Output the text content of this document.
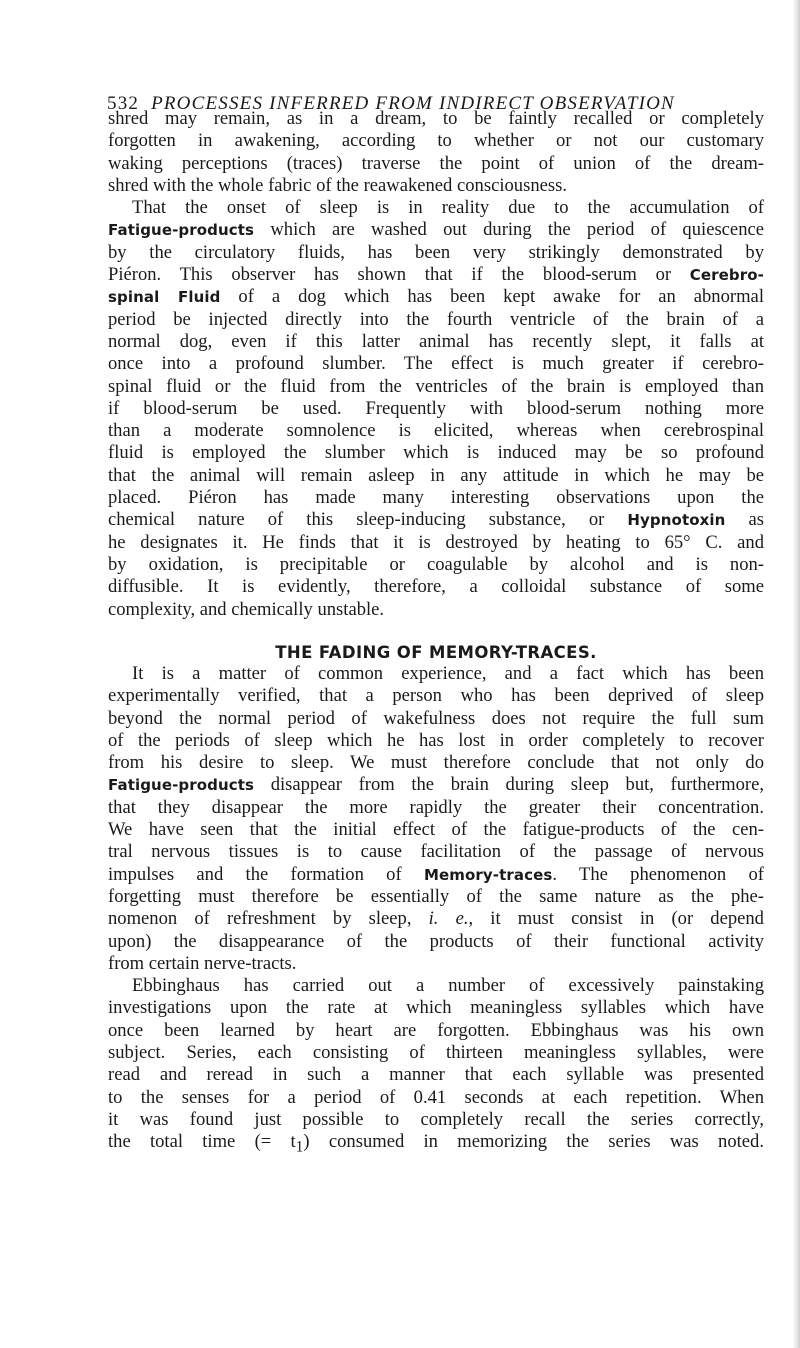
532 PROCESSES INFERRED FROM INDIRECT OBSERVATION
shred may remain, as in a dream, to be faintly recalled or completely
forgotten in awakening, according to whether or not our customary
waking perceptions (traces) traverse the point of union of the dream-
shred with the whole fabric of the reawakened consciousness.
That the onset of sleep is in reality due to the accumulation of
Fatigue-products which are washed out during the period of quiescence
by the circulatory fluids, has been very strikingly demonstrated by
Piéron. This observer has shown that if the blood-serum or Cerebro-
spinal Fluid of a dog which has been kept awake for an abnormal
period be injected directly into the fourth ventricle of the brain of a
normal dog, even if this latter animal has recently slept, it falls at
once into a profound slumber. The effect is much greater if cerebro-
spinal fluid or the fluid from the ventricles of the brain is employed than
if blood-serum be used. Frequently with blood-serum nothing more
than a moderate somnolence is elicited, whereas when cerebrospinal
fluid is employed the slumber which is induced may be so profound
that the animal will remain asleep in any attitude in which he may be
placed. Piéron has made many interesting observations upon the
chemical nature of this sleep-inducing substance, or Hypnotoxin as
he designates it. He finds that it is destroyed by heating to 65° C. and
by oxidation, is precipitable or coagulable by alcohol and is non-
diffusible. It is evidently, therefore, a colloidal substance of some
complexity, and chemically unstable.
THE FADING OF MEMORY-TRACES.
It is a matter of common experience, and a fact which has been
experimentally verified, that a person who has been deprived of sleep
beyond the normal period of wakefulness does not require the full sum
of the periods of sleep which he has lost in order completely to recover
from his desire to sleep. We must therefore conclude that not only do
Fatigue-products disappear from the brain during sleep but, furthermore,
that they disappear the more rapidly the greater their concentration.
We have seen that the initial effect of the fatigue-products of the cen-
tral nervous tissues is to cause facilitation of the passage of nervous
impulses and the formation of Memory-traces. The phenomenon of
forgetting must therefore be essentially of the same nature as the phe-
nomenon of refreshment by sleep, i. e., it must consist in (or depend
upon) the disappearance of the products of their functional activity
from certain nerve-tracts.
Ebbinghaus has carried out a number of excessively painstaking
investigations upon the rate at which meaningless syllables which have
once been learned by heart are forgotten. Ebbinghaus was his own
subject. Series, each consisting of thirteen meaningless syllables, were
read and reread in such a manner that each syllable was presented
to the senses for a period of 0.41 seconds at each repetition. When
it was found just possible to completely recall the series correctly,
the total time (= $t_1$) consumed in memorizing the series was noted.
